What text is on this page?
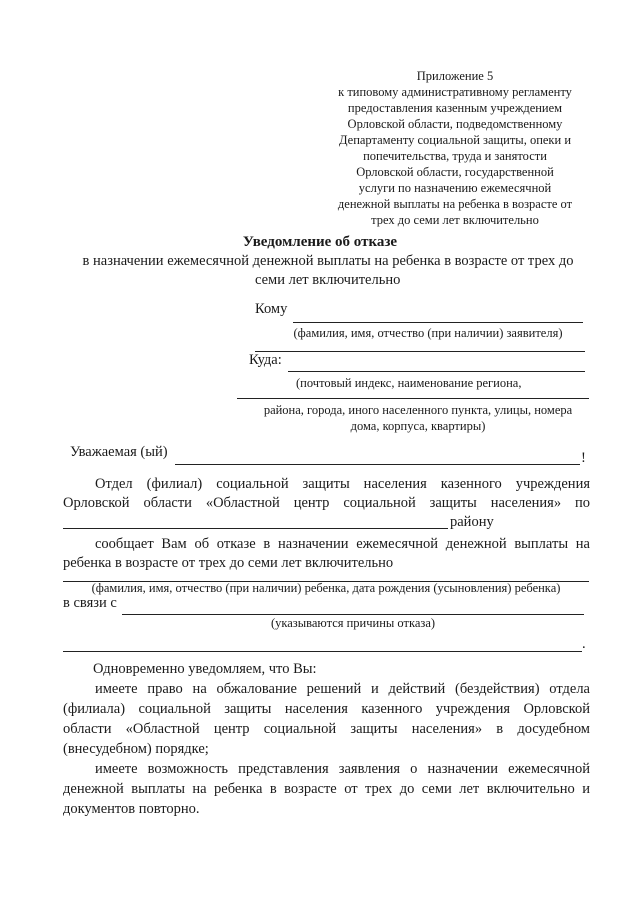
Приложение 5
к типовому административному регламенту
предоставления казенным учреждением
Орловской области, подведомственному
Департаменту социальной защиты, опеки и
попечительства, труда и занятости
Орловской области, государственной
услуги по назначению ежемесячной
денежной выплаты на ребенка в возрасте от
трех до семи лет включительно
Уведомление об отказе
в назначении ежемесячной денежной выплаты на ребенка в возрасте от трех до
семи лет включительно
Кому
(фамилия, имя, отчество (при наличии) заявителя)
Куда:
(почтовый индекс, наименование региона,
района, города, иного населенного пункта, улицы, номера
дома, корпуса, квартиры)
Уважаемая (ый)	!
Отдел (филиал) социальной защиты населения казенного учреждения
Орловской области «Областной центр социальной защиты населения» по
району
сообщает Вам об отказе в назначении ежемесячной денежной выплаты на
ребенка в возрасте от трех до семи лет включительно
(фамилия, имя, отчество (при наличии) ребенка, дата рождения (усыновления) ребенка)
в связи с
(указываются причины отказа)
.
Одновременно уведомляем, что Вы:
имеете право на обжалование решений и действий (бездействия) отдела
(филиала) социальной защиты населения казенного учреждения Орловской
области «Областной центр социальной защиты населения» в досудебном
(внесудебном) порядке;
имеете возможность представления заявления о назначении ежемесячной
денежной выплаты на ребенка в возрасте от трех до семи лет включительно и
документов повторно.
